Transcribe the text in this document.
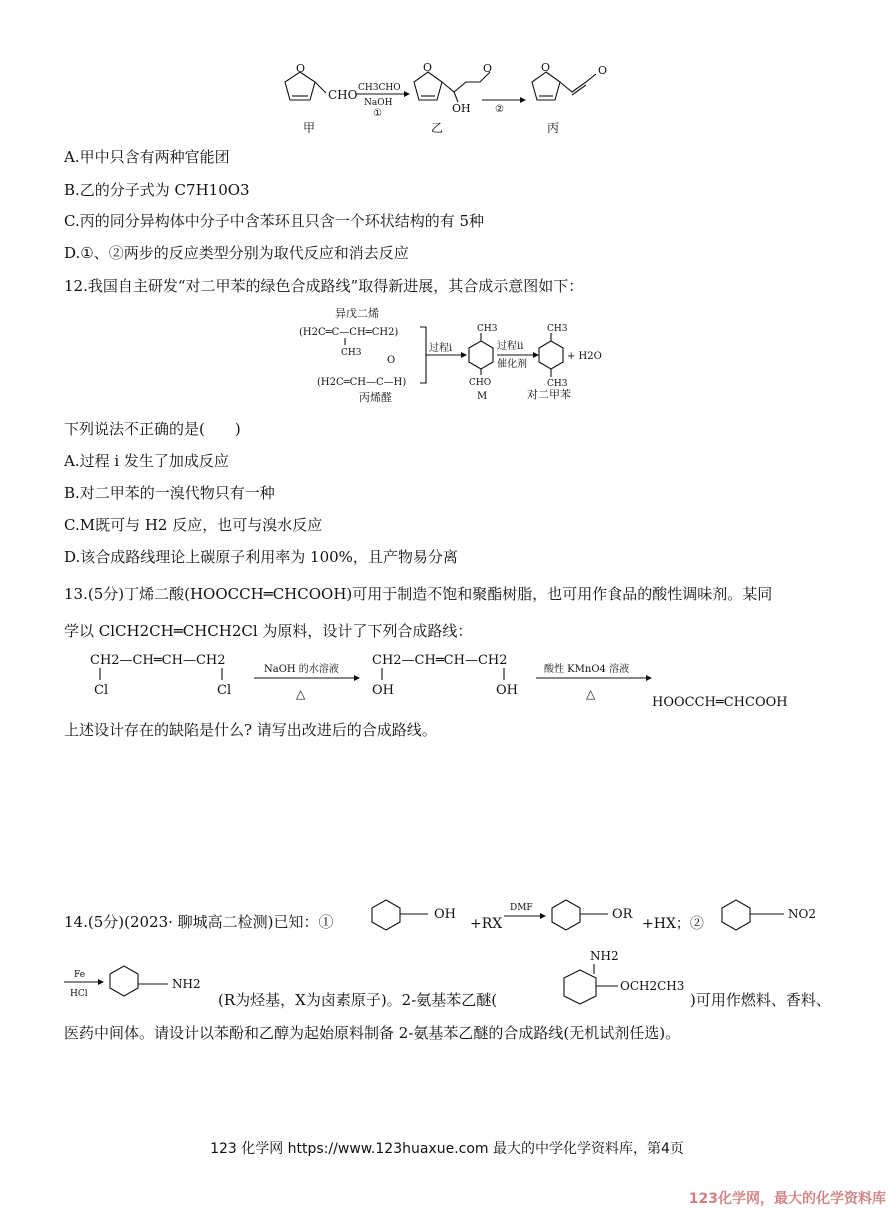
O
CHO
甲
CH3CHO
NaOH
①
O
OH
O
乙
②
O	O
丙
A.甲中只含有两种官能团
B.乙的分子式为 C7H10O3
C.丙的同分异构体中分子中含苯环且只含一个环状结构的有 5种
D.①、②两步的反应类型分别为取代反应和消去反应
12.我国自主研发“对二甲苯的绿色合成路线”取得新进展，其合成示意图如下：
异戊二烯
(H2C═C—CH═CH2)
CH3
O
(H2C═CH—C—H)
丙烯醛
过程i
CH3
CHO
M
过程ii
催化剂
CH3
CH3
+ H2O
对二甲苯
下列说法不正确的是(　　)
A.过程 i 发生了加成反应
B.对二甲苯的一溴代物只有一种
C.M既可与 H2 反应，也可与溴水反应
D.该合成路线理论上碳原子利用率为 100%，且产物易分离
13.(5分)丁烯二酸(HOOCCH═CHCOOH)可用于制造不饱和聚酯树脂，也可用作食品的酸性调味剂。某同
学以 ClCH2CH═CHCH2Cl 为原料，设计了下列合成路线：
CH2—CH═CH—CH2
Cl	Cl
NaOH 的水溶液
△
CH2—CH═CH—CH2
OH	OH
酸性 KMnO4 溶液
△
HOOCCH═CHCOOH
上述设计存在的缺陷是什么? 请写出改进后的合成路线。
14.(5分)(2023· 聊城高二检测)已知：①	OH
+RX
DMF	OR
+HX；②
NO2
Fe
HCl
NH2
(R为烃基，X为卤素原子)。2-氨基苯乙醚(
NH2
OCH2CH3
)可用作燃料、香料、
医药中间体。请设计以苯酚和乙醇为起始原料制备 2-氨基苯乙醚的合成路线(无机试剂任选)。
123 化学网 https://www.123huaxue.com 最大的中学化学资料库，第4页
123化学网，最大的化学资料库
